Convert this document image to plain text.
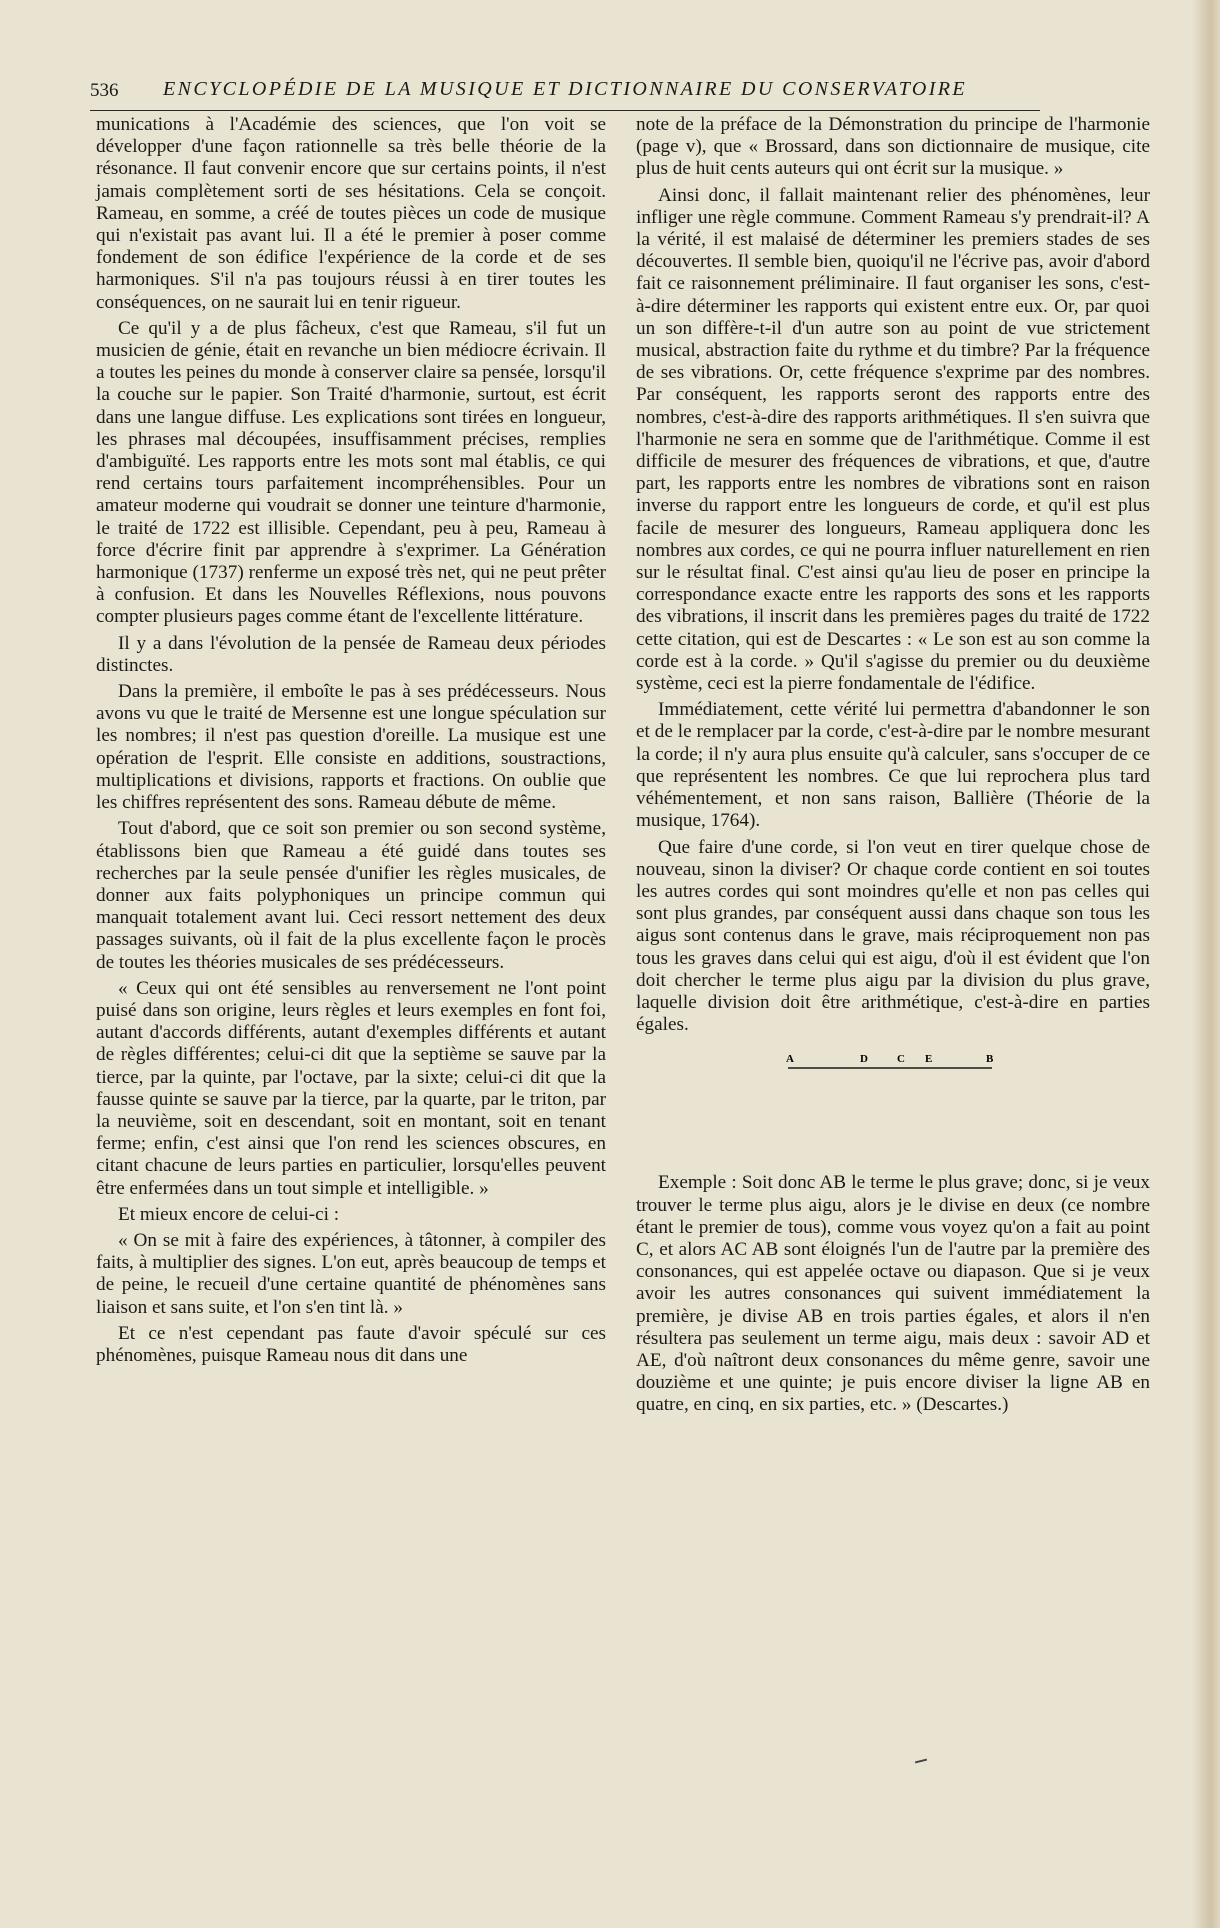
536	ENCYCLOPÉDIE DE LA MUSIQUE ET DICTIONNAIRE DU CONSERVATOIRE

munications à l'Académie des sciences, que l'on voit se développer d'une façon rationnelle sa très belle théorie de la résonance. Il faut convenir encore que sur certains points, il n'est jamais complètement sorti de ses hésitations. Cela se conçoit. Rameau, en somme, a créé de toutes pièces un code de musique qui n'existait pas avant lui. Il a été le premier à poser comme fondement de son édifice l'expérience de la corde et de ses harmoniques. S'il n'a pas toujours réussi à en tirer toutes les conséquences, on ne saurait lui en tenir rigueur.

Ce qu'il y a de plus fâcheux, c'est que Rameau, s'il fut un musicien de génie, était en revanche un bien médiocre écrivain. Il a toutes les peines du monde à conserver claire sa pensée, lorsqu'il la couche sur le papier. Son Traité d'harmonie, surtout, est écrit dans une langue diffuse. Les explications sont tirées en longueur, les phrases mal découpées, insuffisamment précises, remplies d'ambiguïté. Les rapports entre les mots sont mal établis, ce qui rend certains tours parfaitement incompréhensibles. Pour un amateur moderne qui voudrait se donner une teinture d'harmonie, le traité de 1722 est illisible. Cependant, peu à peu, Rameau à force d'écrire finit par apprendre à s'exprimer. La Génération harmonique (1737) renferme un exposé très net, qui ne peut prêter à confusion. Et dans les Nouvelles Réflexions, nous pouvons compter plusieurs pages comme étant de l'excellente littérature.

Il y a dans l'évolution de la pensée de Rameau deux périodes distinctes.

Dans la première, il emboîte le pas à ses prédécesseurs. Nous avons vu que le traité de Mersenne est une longue spéculation sur les nombres; il n'est pas question d'oreille. La musique est une opération de l'esprit. Elle consiste en additions, soustractions, multiplications et divisions, rapports et fractions. On oublie que les chiffres représentent des sons. Rameau débute de même.

Tout d'abord, que ce soit son premier ou son second système, établissons bien que Rameau a été guidé dans toutes ses recherches par la seule pensée d'unifier les règles musicales, de donner aux faits polyphoniques un principe commun qui manquait totalement avant lui. Ceci ressort nettement des deux passages suivants, où il fait de la plus excellente façon le procès de toutes les théories musicales de ses prédécesseurs.

« Ceux qui ont été sensibles au renversement ne l'ont point puisé dans son origine, leurs règles et leurs exemples en font foi, autant d'accords différents, autant d'exemples différents et autant de règles différentes; celui-ci dit que la septième se sauve par la tierce, par la quinte, par l'octave, par la sixte; celui-ci dit que la fausse quinte se sauve par la tierce, par la quarte, par le triton, par la neuvième, soit en descendant, soit en montant, soit en tenant ferme; enfin, c'est ainsi que l'on rend les sciences obscures, en citant chacune de leurs parties en particulier, lorsqu'elles peuvent être enfermées dans un tout simple et intelligible. »

Et mieux encore de celui-ci :

« On se mit à faire des expériences, à tâtonner, à compiler des faits, à multiplier des signes. L'on eut, après beaucoup de temps et de peine, le recueil d'une certaine quantité de phénomènes sans liaison et sans suite, et l'on s'en tint là. »

Et ce n'est cependant pas faute d'avoir spéculé sur ces phénomènes, puisque Rameau nous dit dans une

note de la préface de la Démonstration du principe de l'harmonie (page v), que « Brossard, dans son dictionnaire de musique, cite plus de huit cents auteurs qui ont écrit sur la musique. »

Ainsi donc, il fallait maintenant relier des phénomènes, leur infliger une règle commune. Comment Rameau s'y prendrait-il? A la vérité, il est malaisé de déterminer les premiers stades de ses découvertes. Il semble bien, quoiqu'il ne l'écrive pas, avoir d'abord fait ce raisonnement préliminaire. Il faut organiser les sons, c'est-à-dire déterminer les rapports qui existent entre eux. Or, par quoi un son diffère-t-il d'un autre son au point de vue strictement musical, abstraction faite du rythme et du timbre? Par la fréquence de ses vibrations. Or, cette fréquence s'exprime par des nombres. Par conséquent, les rapports seront des rapports entre des nombres, c'est-à-dire des rapports arithmétiques. Il s'en suivra que l'harmonie ne sera en somme que de l'arithmétique. Comme il est difficile de mesurer des fréquences de vibrations, et que, d'autre part, les rapports entre les nombres de vibrations sont en raison inverse du rapport entre les longueurs de corde, et qu'il est plus facile de mesurer des longueurs, Rameau appliquera donc les nombres aux cordes, ce qui ne pourra influer naturellement en rien sur le résultat final. C'est ainsi qu'au lieu de poser en principe la correspondance exacte entre les rapports des sons et les rapports des vibrations, il inscrit dans les premières pages du traité de 1722 cette citation, qui est de Descartes : « Le son est au son comme la corde est à la corde. » Qu'il s'agisse du premier ou du deuxième système, ceci est la pierre fondamentale de l'édifice.

Immédiatement, cette vérité lui permettra d'abandonner le son et de le remplacer par la corde, c'est-à-dire par le nombre mesurant la corde; il n'y aura plus ensuite qu'à calculer, sans s'occuper de ce que représentent les nombres. Ce que lui reprochera plus tard véhémentement, et non sans raison, Ballière (Théorie de la musique, 1764).

Que faire d'une corde, si l'on veut en tirer quelque chose de nouveau, sinon la diviser? Or chaque corde contient en soi toutes les autres cordes qui sont moindres qu'elle et non pas celles qui sont plus grandes, par conséquent aussi dans chaque son tous les aigus sont contenus dans le grave, mais réciproquement non pas tous les graves dans celui qui est aigu, d'où il est évident que l'on doit chercher le terme plus aigu par la division du plus grave, laquelle division doit être arithmétique, c'est-à-dire en parties égales.

A	D	C E	B

Exemple : Soit donc AB le terme le plus grave; donc, si je veux trouver le terme plus aigu, alors je le divise en deux (ce nombre étant le premier de tous), comme vous voyez qu'on a fait au point C, et alors AC AB sont éloignés l'un de l'autre par la première des consonances, qui est appelée octave ou diapason. Que si je veux avoir les autres consonances qui suivent immédiatement la première, je divise AB en trois parties égales, et alors il n'en résultera pas seulement un terme aigu, mais deux : savoir AD et AE, d'où naîtront deux consonances du même genre, savoir une douzième et une quinte; je puis encore diviser la ligne AB en quatre, en cinq, en six parties, etc. » (Descartes.)
